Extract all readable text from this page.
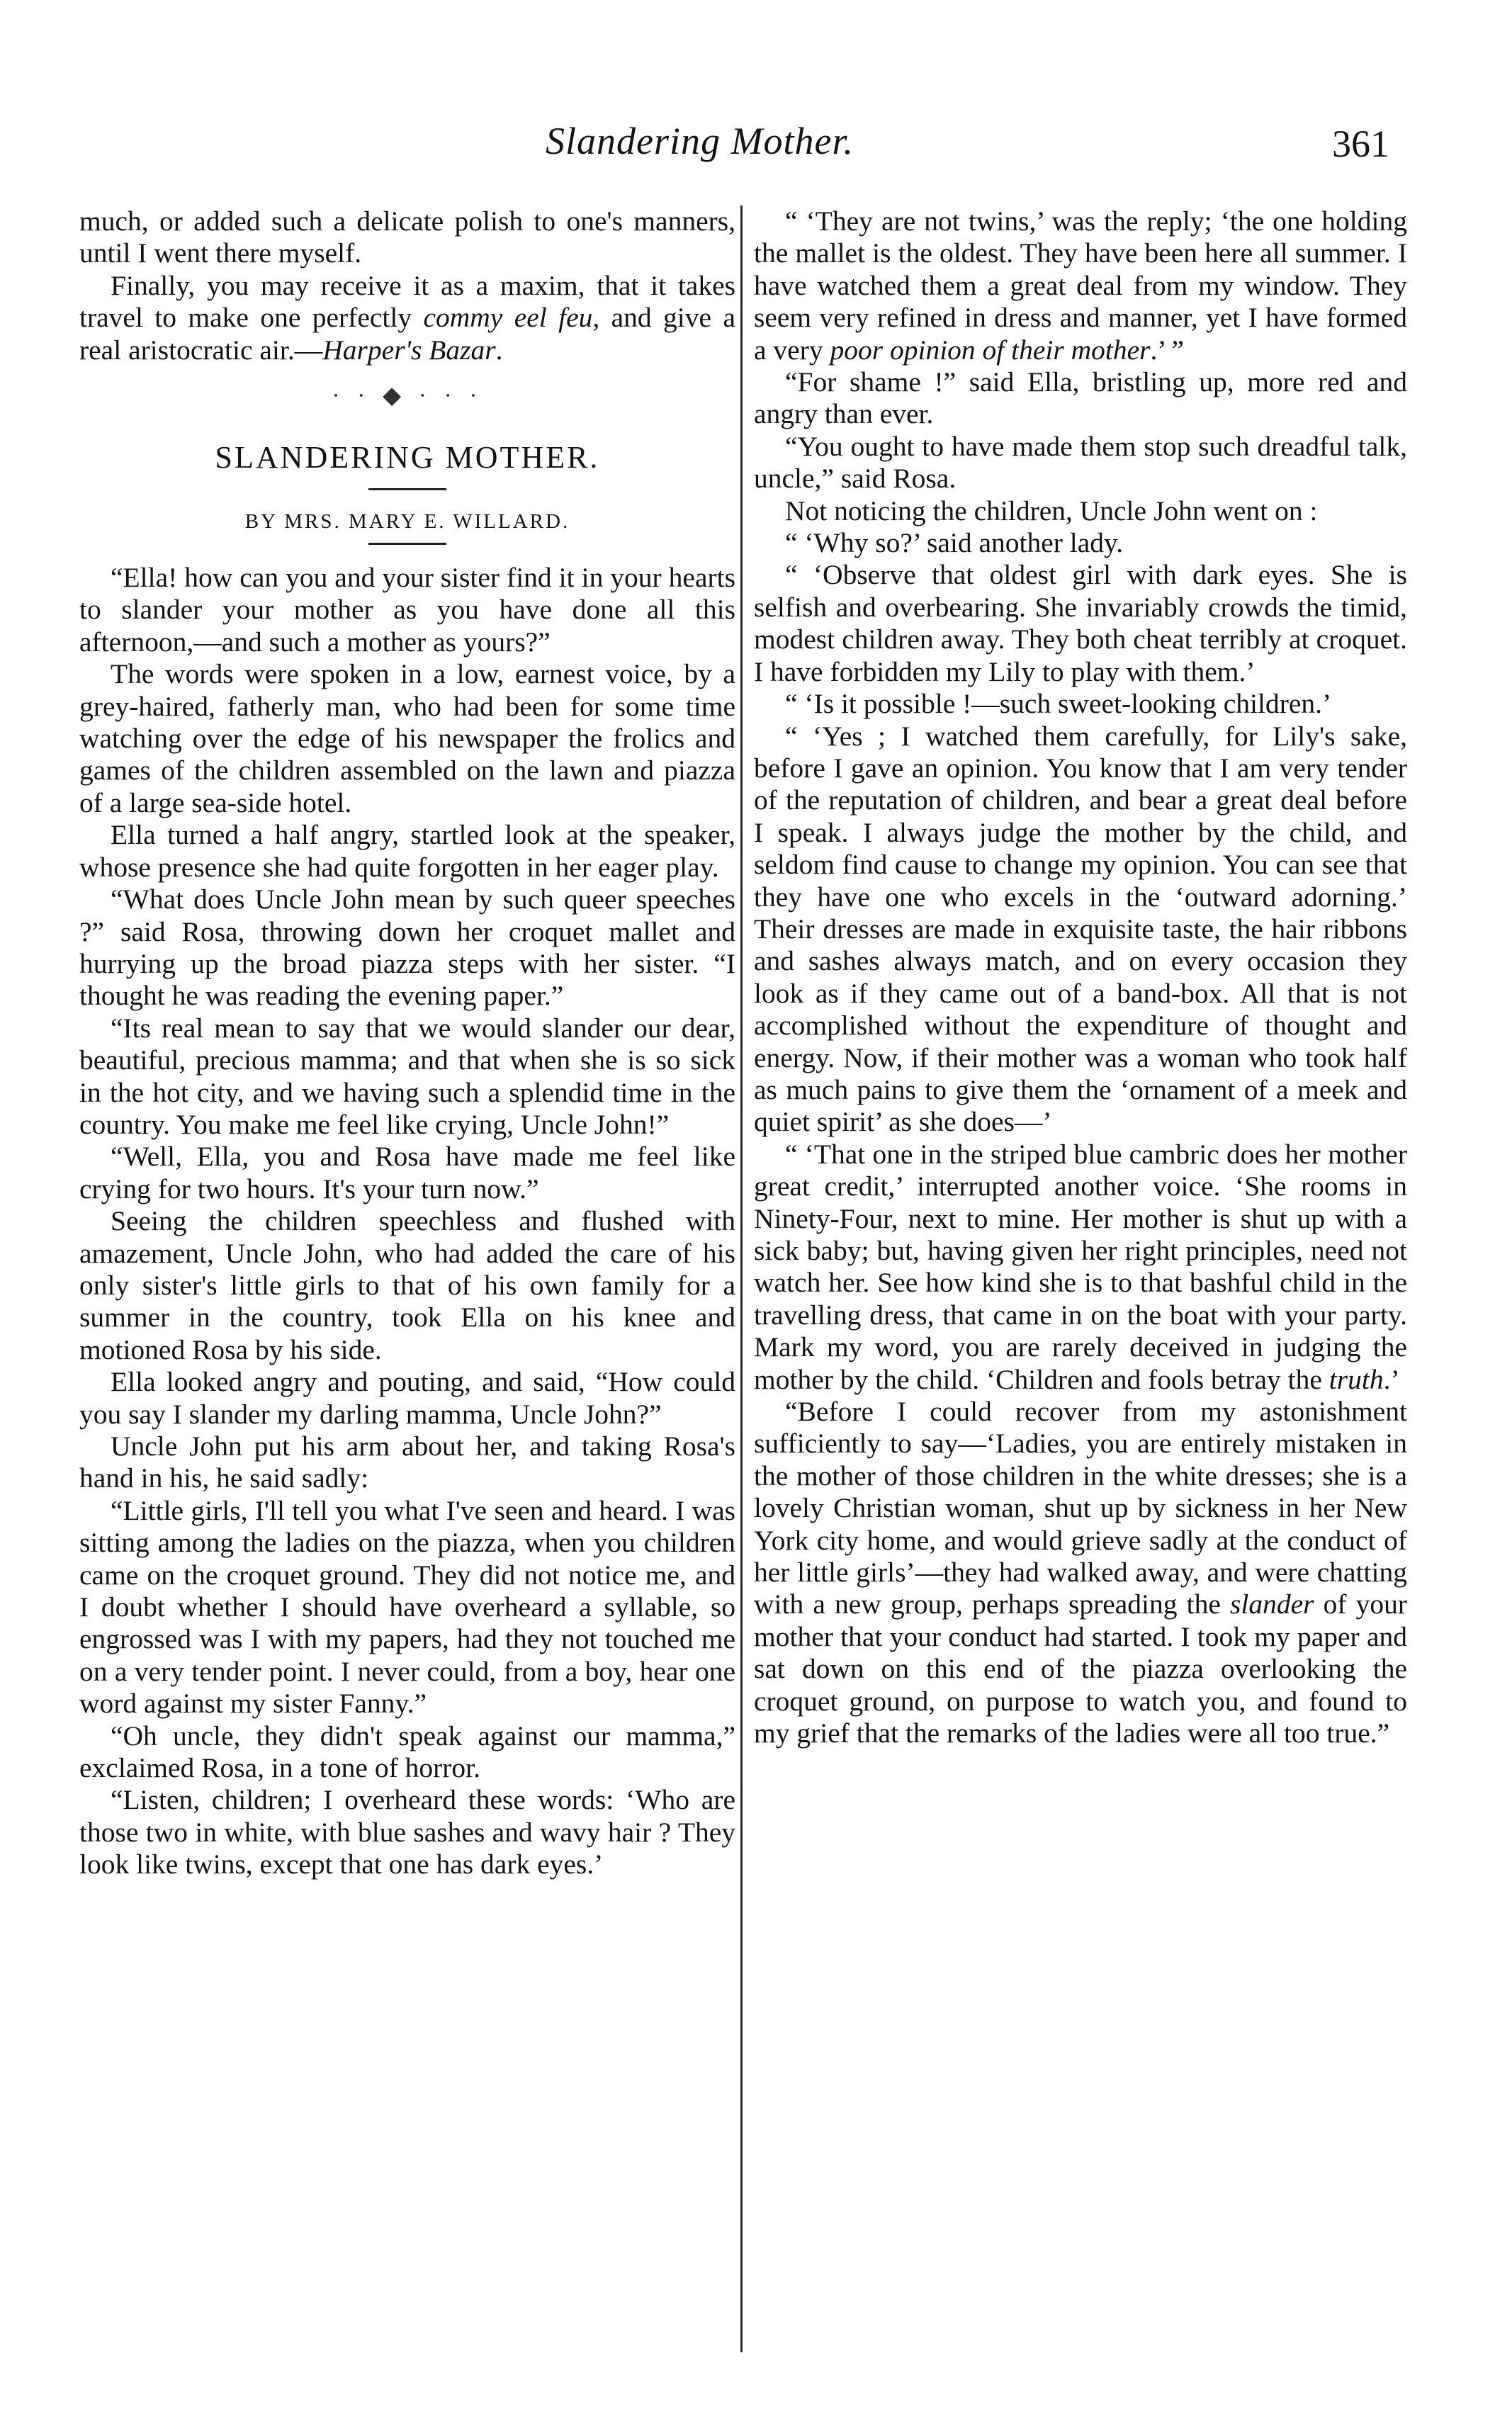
Slandering Mother.	361

much, or added such a delicate polish to one's manners, until I went there myself.

Finally, you may receive it as a maxim, that it takes travel to make one perfectly commy eel feu, and give a real aristocratic air.—Harper's Bazar.

· · ◆ · · ·
SLANDERING MOTHER.
BY MRS. MARY E. WILLARD.

“Ella! how can you and your sister find it in your hearts to slander your mother as you have done all this afternoon,—and such a mother as yours?”

The words were spoken in a low, earnest voice, by a grey-haired, fatherly man, who had been for some time watching over the edge of his newspaper the frolics and games of the children assembled on the lawn and piazza of a large sea-side hotel.

Ella turned a half angry, startled look at the speaker, whose presence she had quite forgotten in her eager play.

“What does Uncle John mean by such queer speeches ?” said Rosa, throwing down her croquet mallet and hurrying up the broad piazza steps with her sister. “I thought he was reading the evening paper.”

“Its real mean to say that we would slander our dear, beautiful, precious mamma; and that when she is so sick in the hot city, and we having such a splendid time in the country. You make me feel like crying, Uncle John!”

“Well, Ella, you and Rosa have made me feel like crying for two hours. It's your turn now.”

Seeing the children speechless and flushed with amazement, Uncle John, who had added the care of his only sister's little girls to that of his own family for a summer in the country, took Ella on his knee and motioned Rosa by his side.

Ella looked angry and pouting, and said, “How could you say I slander my darling mamma, Uncle John?”

Uncle John put his arm about her, and taking Rosa's hand in his, he said sadly:

“Little girls, I'll tell you what I've seen and heard. I was sitting among the ladies on the piazza, when you children came on the croquet ground. They did not notice me, and I doubt whether I should have overheard a syllable, so engrossed was I with my papers, had they not touched me on a very tender point. I never could, from a boy, hear one word against my sister Fanny.”

“Oh uncle, they didn't speak against our mamma,” exclaimed Rosa, in a tone of horror.

“Listen, children; I overheard these words: ‘Who are those two in white, with blue sashes and wavy hair ? They look like twins, except that one has dark eyes.’

“ ‘They are not twins,’ was the reply; ‘the one holding the mallet is the oldest. They have been here all summer. I have watched them a great deal from my window. They seem very refined in dress and manner, yet I have formed a very poor opinion of their mother.’ ”

“For shame !” said Ella, bristling up, more red and angry than ever.

“You ought to have made them stop such dreadful talk, uncle,” said Rosa.

Not noticing the children, Uncle John went on :

“ ‘Why so?’ said another lady.

“ ‘Observe that oldest girl with dark eyes. She is selfish and overbearing. She invariably crowds the timid, modest children away. They both cheat terribly at croquet. I have forbidden my Lily to play with them.’

“ ‘Is it possible !—such sweet-looking children.’

“ ‘Yes ; I watched them carefully, for Lily's sake, before I gave an opinion. You know that I am very tender of the reputation of children, and bear a great deal before I speak. I always judge the mother by the child, and seldom find cause to change my opinion. You can see that they have one who excels in the ‘outward adorning.’ Their dresses are made in exquisite taste, the hair ribbons and sashes always match, and on every occasion they look as if they came out of a band-box. All that is not accomplished without the expenditure of thought and energy. Now, if their mother was a woman who took half as much pains to give them the ‘ornament of a meek and quiet spirit’ as she does—’

“ ‘That one in the striped blue cambric does her mother great credit,’ interrupted another voice. ‘She rooms in Ninety-Four, next to mine. Her mother is shut up with a sick baby; but, having given her right principles, need not watch her. See how kind she is to that bashful child in the travelling dress, that came in on the boat with your party. Mark my word, you are rarely deceived in judging the mother by the child. ‘Children and fools betray the truth.’

“Before I could recover from my astonishment sufficiently to say—‘Ladies, you are entirely mistaken in the mother of those children in the white dresses; she is a lovely Christian woman, shut up by sickness in her New York city home, and would grieve sadly at the conduct of her little girls’—they had walked away, and were chatting with a new group, perhaps spreading the slander of your mother that your conduct had started. I took my paper and sat down on this end of the piazza overlooking the croquet ground, on purpose to watch you, and found to my grief that the remarks of the ladies were all too true.”
